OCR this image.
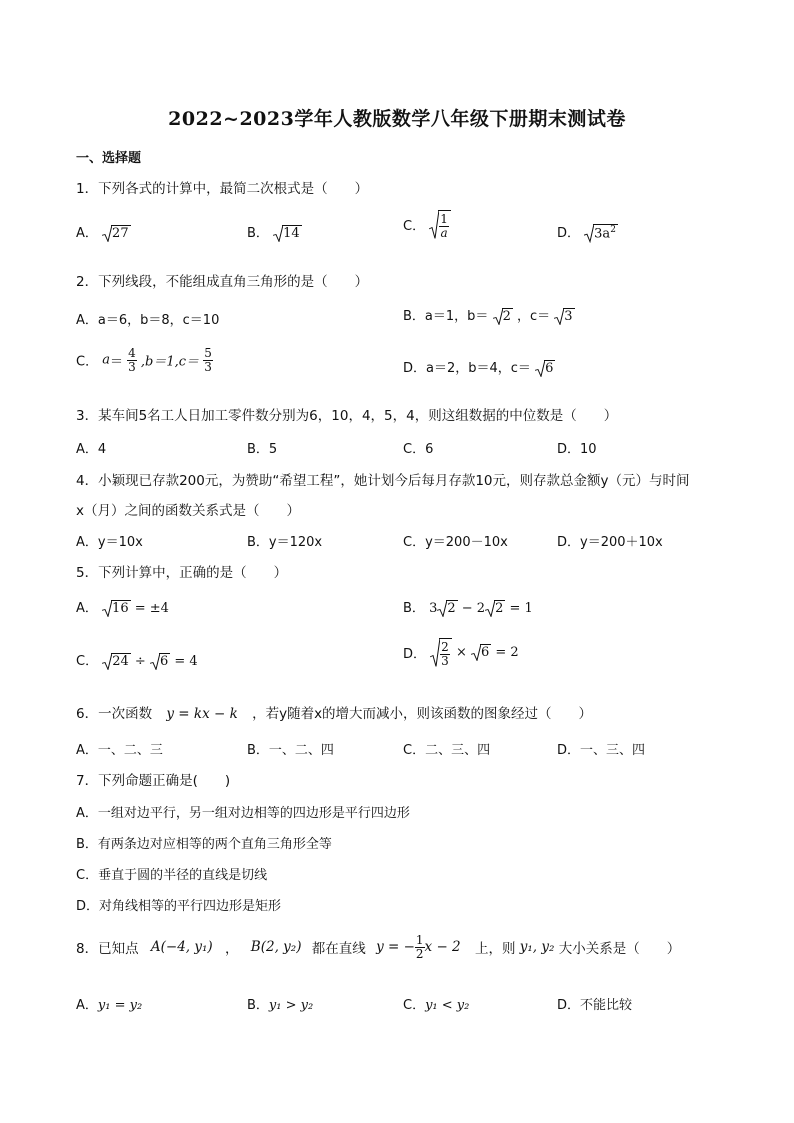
2022~2023学年人教版数学八年级下册期末测试卷
一、选择题
1．下列各式的计算中，最简二次根式是（　　）
A． 27	B． 14	C． $\frac{1}{a}$	D． $3a^2$
2．下列线段，不能组成直角三角形的是（　　）
A．a＝6，b＝8，c＝10	B．a＝1，b＝ 2 ，c＝ 3
C． $a= \frac{4}{3} ,b=1,c= \frac{5}{3}$	D．a＝2，b＝4，c＝ 6
3．某车间5名工人日加工零件数分别为6，10，4，5，4，则这组数据的中位数是（　　）
A．4	B．5	C．6	D．10
4．小颖现已存款200元，为赞助“希望工程”，她计划今后每月存款10元，则存款总金额y（元）与时间
x（月）之间的函数关系式是（　　）
A．y＝10x	B．y＝120x	C．y＝200－10x	D．y＝200＋10x
5．下列计算中，正确的是（　　）
A． 16 = ±4	B． 3 2 − 2 2 = 1
C． 24 ÷ 6 = 4	D． $\frac{2}{3} \times 6 = 2$
6．一次函数 y = kx − k ，若y随着x的增大而减小，则该函数的图象经过（　　）
A．一、二、三	B．一、二、四	C．二、三、四	D．一、三、四
7．下列命题正确是(　　)
A．一组对边平行，另一组对边相等的四边形是平行四边形
B．有两条边对应相等的两个直角三角形全等
C．垂直于圆的半径的直线是切线
D．对角线相等的平行四边形是矩形
8．已知点 A(−4, y₁) ， B(2, y₂) 都在直线 y = − $\frac{1}{2}$ x − 2 上，则 y₁, y₂ 大小关系是（　　）
A．y₁ = y₂	B．y₁ > y₂	C．y₁ < y₂	D．不能比较
